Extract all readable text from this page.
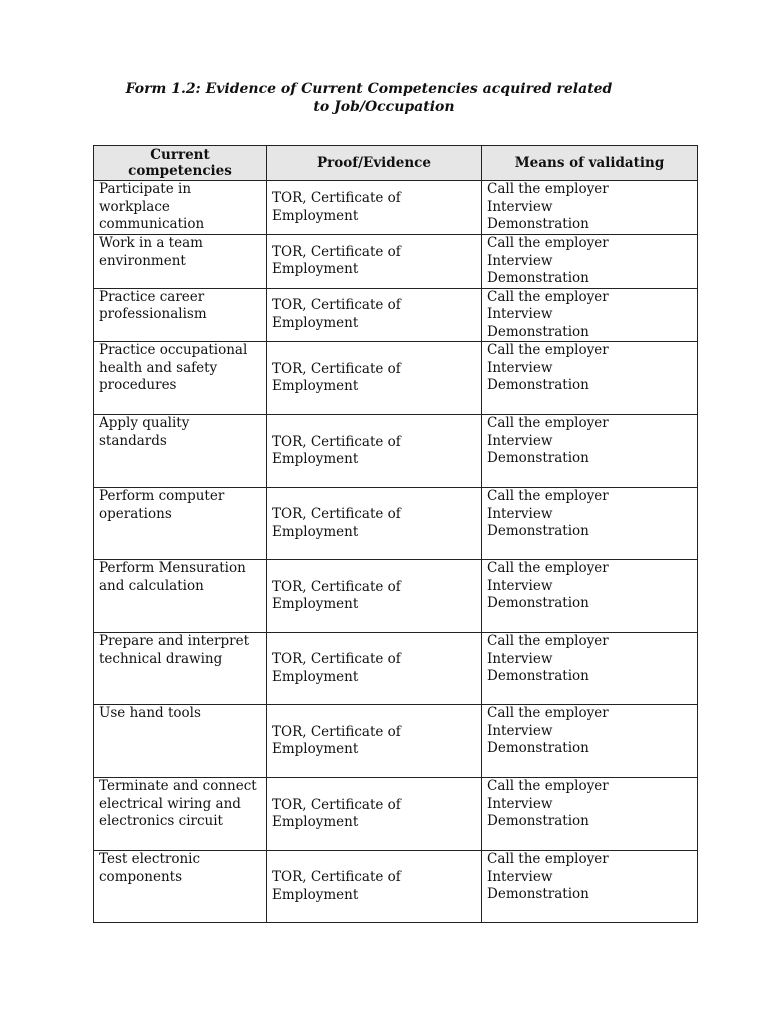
Form 1.2: Evidence of Current Competencies acquired related
to Job/Occupation
Current competencies	Proof/Evidence	Means of validating
Participate in workplace communication	TOR, Certificate of Employment	Call the employer
Interview
Demonstration

Work in a team environment	TOR, Certificate of Employment	Call the employer
Interview
Demonstration

Practice career professionalism	TOR, Certificate of Employment	Call the employer
Interview
Demonstration

Practice occupational health and safety procedures	TOR, Certificate of Employment	Call the employer
Interview
Demonstration

Apply quality standards	TOR, Certificate of Employment	Call the employer
Interview
Demonstration

Perform computer operations	TOR, Certificate of Employment	Call the employer
Interview
Demonstration

Perform Mensuration and calculation	TOR, Certificate of Employment	Call the employer
Interview
Demonstration

Prepare and interpret technical drawing	TOR, Certificate of Employment	Call the employer
Interview
Demonstration

Use hand tools	TOR, Certificate of Employment	Call the employer
Interview
Demonstration

Terminate and connect electrical wiring and electronics circuit	TOR, Certificate of Employment	Call the employer
Interview
Demonstration

Test electronic components	TOR, Certificate of Employment	Call the employer
Interview
Demonstration
